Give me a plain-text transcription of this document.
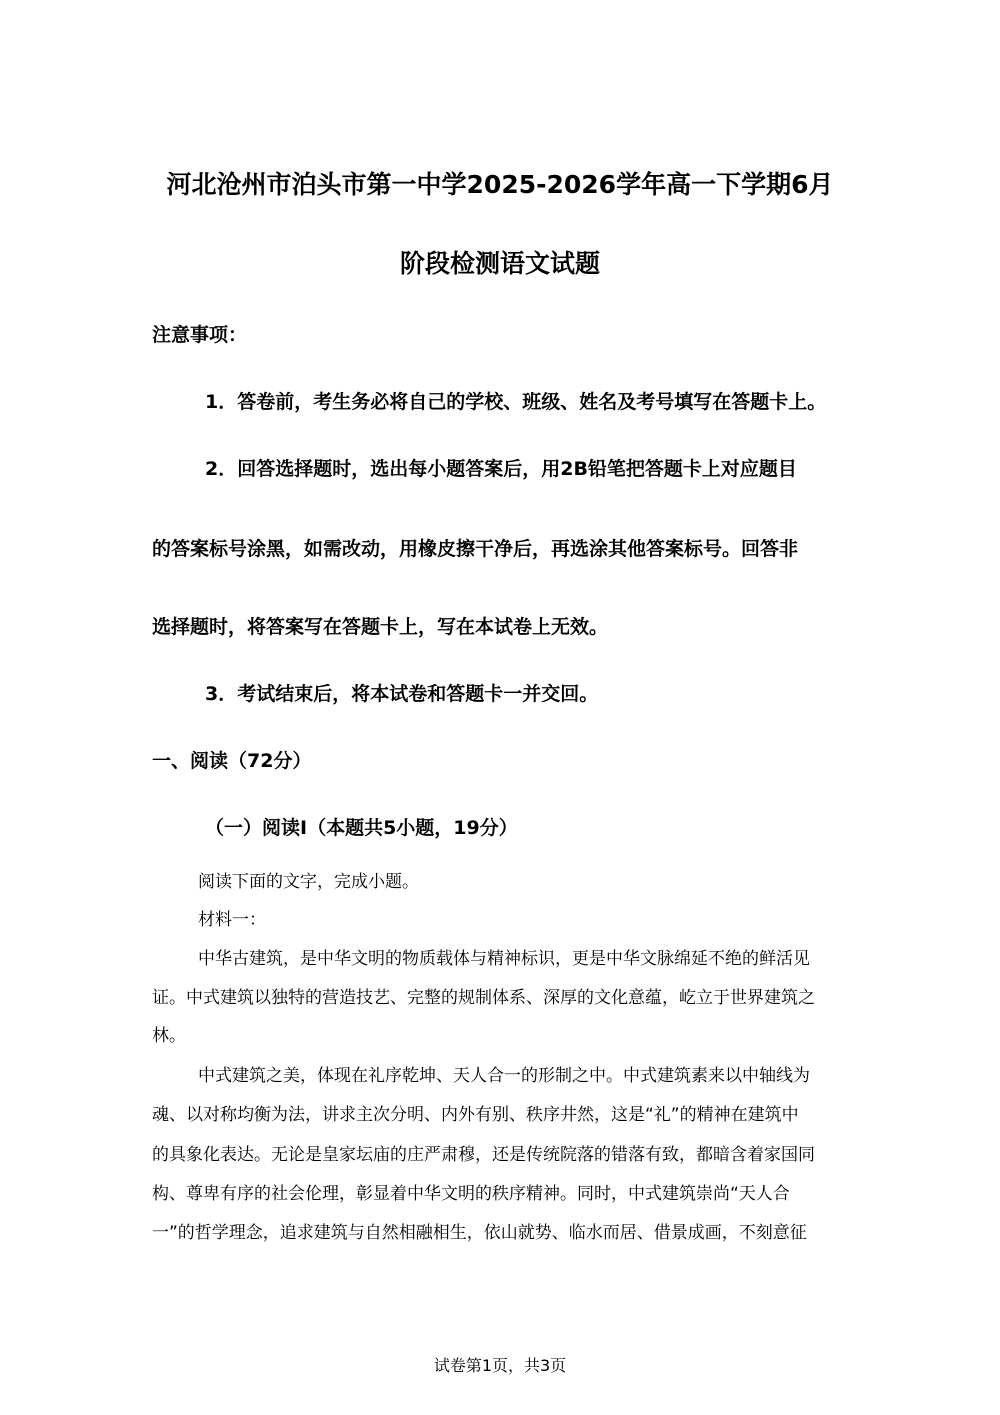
河北沧州市泊头市第一中学2025-2026学年高一下学期6月
阶段检测语文试题
注意事项：
1．答卷前，考生务必将自己的学校、班级、姓名及考号填写在答题卡上。
2．回答选择题时，选出每小题答案后，用2B铅笔把答题卡上对应题目
的答案标号涂黑，如需改动，用橡皮擦干净后，再选涂其他答案标号。回答非
选择题时，将答案写在答题卡上，写在本试卷上无效。
3．考试结束后，将本试卷和答题卡一并交回。
一、阅读（72分）
（一）阅读Ⅰ（本题共5小题，19分）
阅读下面的文字，完成小题。
材料一：
中华古建筑，是中华文明的物质载体与精神标识，更是中华文脉绵延不绝的鲜活见
证。中式建筑以独特的营造技艺、完整的规制体系、深厚的文化意蕴，屹立于世界建筑之
林。
中式建筑之美，体现在礼序乾坤、天人合一的形制之中。中式建筑素来以中轴线为
魂、以对称均衡为法，讲求主次分明、内外有别、秩序井然，这是“礼”的精神在建筑中
的具象化表达。无论是皇家坛庙的庄严肃穆，还是传统院落的错落有致，都暗含着家国同
构、尊卑有序的社会伦理，彰显着中华文明的秩序精神。同时，中式建筑崇尚“天人合
一”的哲学理念，追求建筑与自然相融相生，依山就势、临水而居、借景成画，不刻意征
试卷第1页，共3页
